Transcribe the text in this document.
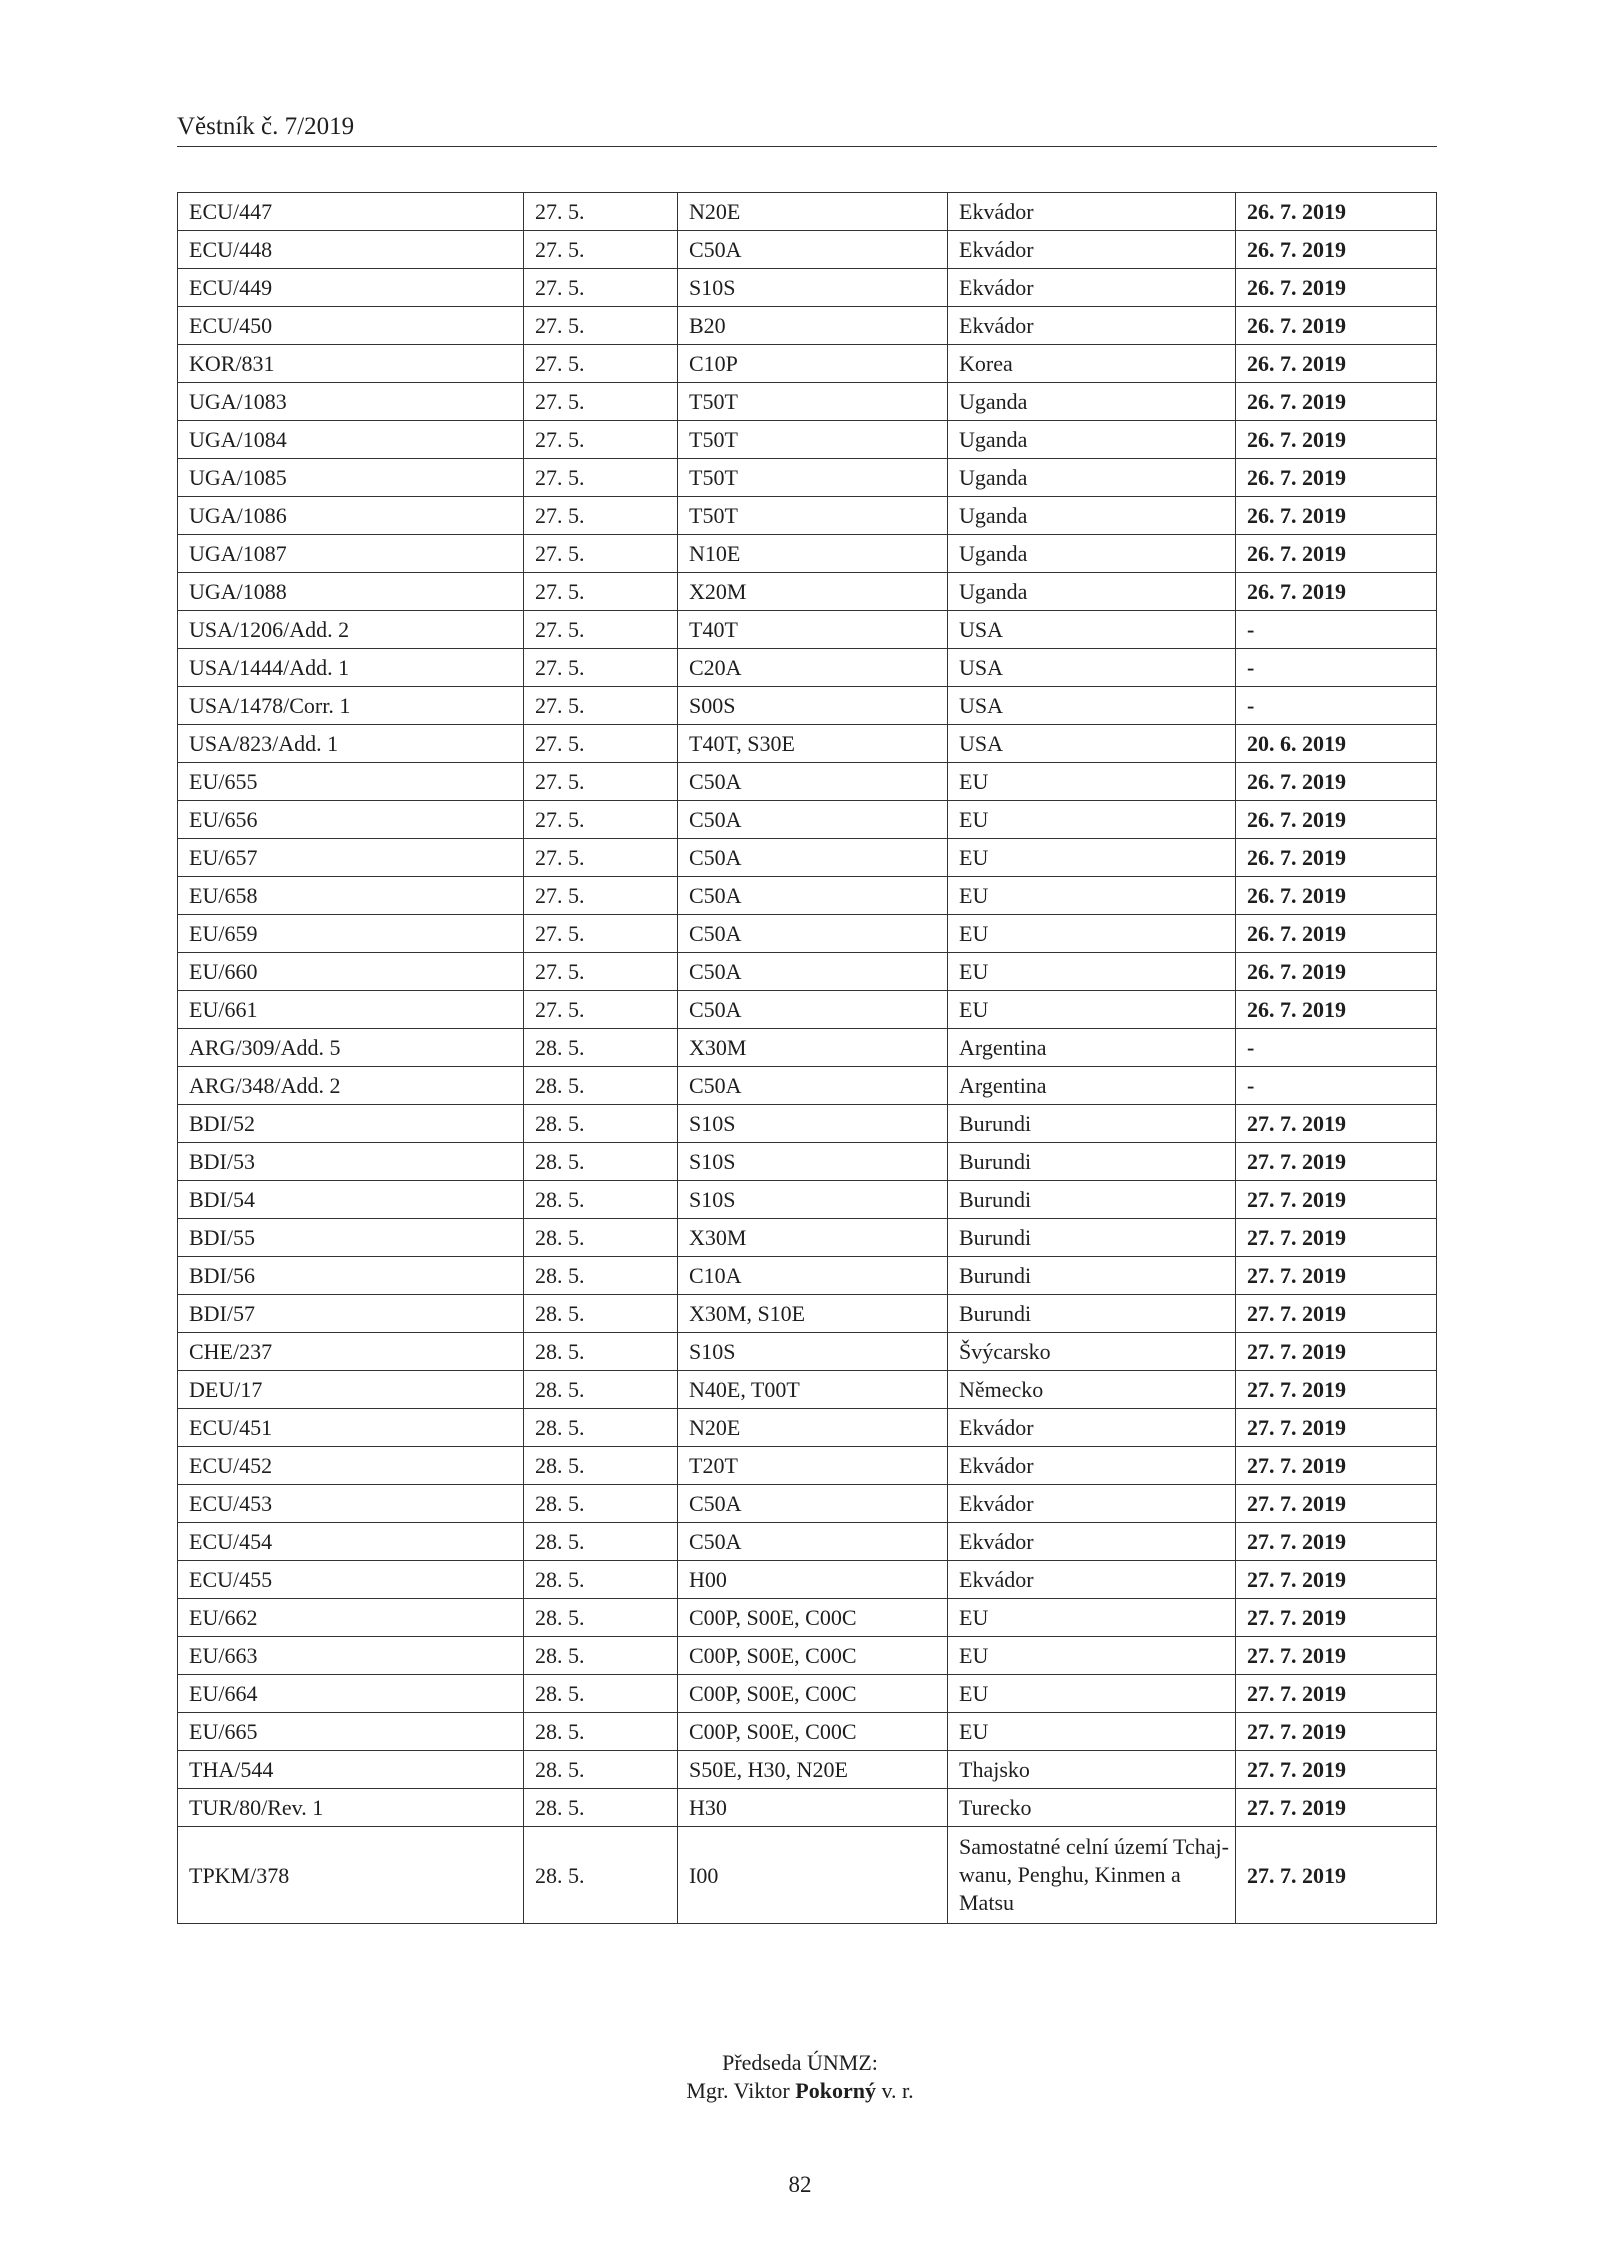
Věstník č. 7/2019
ECU/447	27. 5.	N20E	Ekvádor	26. 7. 2019
ECU/448	27. 5.	C50A	Ekvádor	26. 7. 2019
ECU/449	27. 5.	S10S	Ekvádor	26. 7. 2019
ECU/450	27. 5.	B20	Ekvádor	26. 7. 2019
KOR/831	27. 5.	C10P	Korea	26. 7. 2019
UGA/1083	27. 5.	T50T	Uganda	26. 7. 2019
UGA/1084	27. 5.	T50T	Uganda	26. 7. 2019
UGA/1085	27. 5.	T50T	Uganda	26. 7. 2019
UGA/1086	27. 5.	T50T	Uganda	26. 7. 2019
UGA/1087	27. 5.	N10E	Uganda	26. 7. 2019
UGA/1088	27. 5.	X20M	Uganda	26. 7. 2019
USA/1206/Add. 2	27. 5.	T40T	USA	-
USA/1444/Add. 1	27. 5.	C20A	USA	-
USA/1478/Corr. 1	27. 5.	S00S	USA	-
USA/823/Add. 1	27. 5.	T40T, S30E	USA	20. 6. 2019
EU/655	27. 5.	C50A	EU	26. 7. 2019
EU/656	27. 5.	C50A	EU	26. 7. 2019
EU/657	27. 5.	C50A	EU	26. 7. 2019
EU/658	27. 5.	C50A	EU	26. 7. 2019
EU/659	27. 5.	C50A	EU	26. 7. 2019
EU/660	27. 5.	C50A	EU	26. 7. 2019
EU/661	27. 5.	C50A	EU	26. 7. 2019
ARG/309/Add. 5	28. 5.	X30M	Argentina	-
ARG/348/Add. 2	28. 5.	C50A	Argentina	-
BDI/52	28. 5.	S10S	Burundi	27. 7. 2019
BDI/53	28. 5.	S10S	Burundi	27. 7. 2019
BDI/54	28. 5.	S10S	Burundi	27. 7. 2019
BDI/55	28. 5.	X30M	Burundi	27. 7. 2019
BDI/56	28. 5.	C10A	Burundi	27. 7. 2019
BDI/57	28. 5.	X30M, S10E	Burundi	27. 7. 2019
CHE/237	28. 5.	S10S	Švýcarsko	27. 7. 2019
DEU/17	28. 5.	N40E, T00T	Německo	27. 7. 2019
ECU/451	28. 5.	N20E	Ekvádor	27. 7. 2019
ECU/452	28. 5.	T20T	Ekvádor	27. 7. 2019
ECU/453	28. 5.	C50A	Ekvádor	27. 7. 2019
ECU/454	28. 5.	C50A	Ekvádor	27. 7. 2019
ECU/455	28. 5.	H00	Ekvádor	27. 7. 2019
EU/662	28. 5.	C00P, S00E, C00C	EU	27. 7. 2019
EU/663	28. 5.	C00P, S00E, C00C	EU	27. 7. 2019
EU/664	28. 5.	C00P, S00E, C00C	EU	27. 7. 2019
EU/665	28. 5.	C00P, S00E, C00C	EU	27. 7. 2019
THA/544	28. 5.	S50E, H30, N20E	Thajsko	27. 7. 2019
TUR/80/Rev. 1	28. 5.	H30	Turecko	27. 7. 2019
TPKM/378	28. 5.	I00	Samostatné celní území Tchaj-wanu, Penghu, Kinmen a Matsu	27. 7. 2019
Předseda ÚNMZ:
Mgr. Viktor Pokorný v. r.
82
